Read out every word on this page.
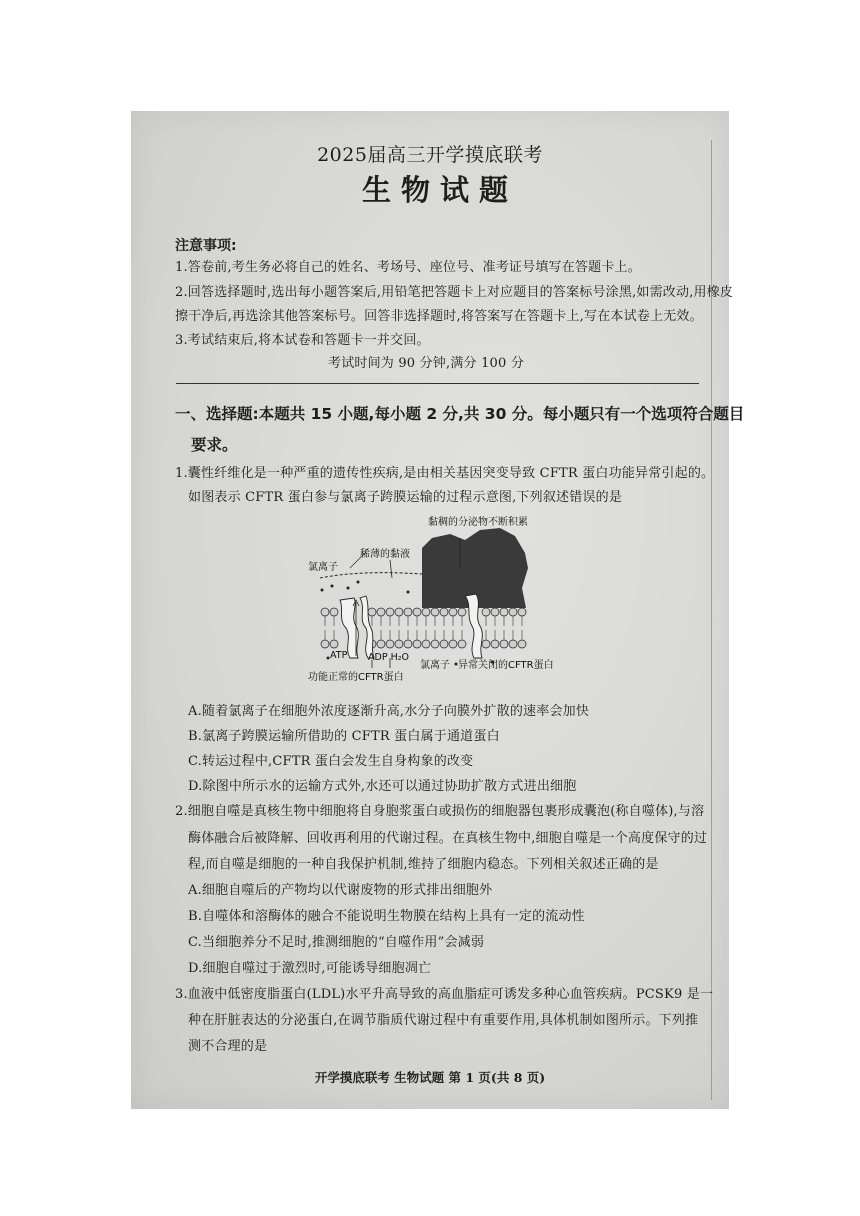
2025届高三开学摸底联考
生物试题
注意事项:
1.答卷前,考生务必将自己的姓名、考场号、座位号、准考证号填写在答题卡上。
2.回答选择题时,选出每小题答案后,用铅笔把答题卡上对应题目的答案标号涂黑,如需改动,用橡皮
擦干净后,再选涂其他答案标号。回答非选择题时,将答案写在答题卡上,写在本试卷上无效。
3.考试结束后,将本试卷和答题卡一并交回。
考试时间为 90 分钟,满分 100 分
一、选择题:本题共 15 小题,每小题 2 分,共 30 分。每小题只有一个选项符合题目
要求。
1.囊性纤维化是一种严重的遗传性疾病,是由相关基因突变导致 CFTR 蛋白功能异常引起的。
如图表示 CFTR 蛋白参与氯离子跨膜运输的过程示意图,下列叙述错误的是
黏稠的分泌物不断积累
稀薄的黏液
氯离子
ATP ADP H₂O
功能正常的CFTR蛋白
氯离子 异常关闭的CFTR蛋白
A.随着氯离子在细胞外浓度逐渐升高,水分子向膜外扩散的速率会加快
B.氯离子跨膜运输所借助的 CFTR 蛋白属于通道蛋白
C.转运过程中,CFTR 蛋白会发生自身构象的改变
D.除图中所示水的运输方式外,水还可以通过协助扩散方式进出细胞
2.细胞自噬是真核生物中细胞将自身胞浆蛋白或损伤的细胞器包裹形成囊泡(称自噬体),与溶
酶体融合后被降解、回收再利用的代谢过程。在真核生物中,细胞自噬是一个高度保守的过
程,而自噬是细胞的一种自我保护机制,维持了细胞内稳态。下列相关叙述正确的是
A.细胞自噬后的产物均以代谢废物的形式排出细胞外
B.自噬体和溶酶体的融合不能说明生物膜在结构上具有一定的流动性
C.当细胞养分不足时,推测细胞的“自噬作用”会减弱
D.细胞自噬过于激烈时,可能诱导细胞凋亡
3.血液中低密度脂蛋白(LDL)水平升高导致的高血脂症可诱发多种心血管疾病。PCSK9 是一
种在肝脏表达的分泌蛋白,在调节脂质代谢过程中有重要作用,具体机制如图所示。下列推
测不合理的是
开学摸底联考 生物试题 第 1 页(共 8 页)
